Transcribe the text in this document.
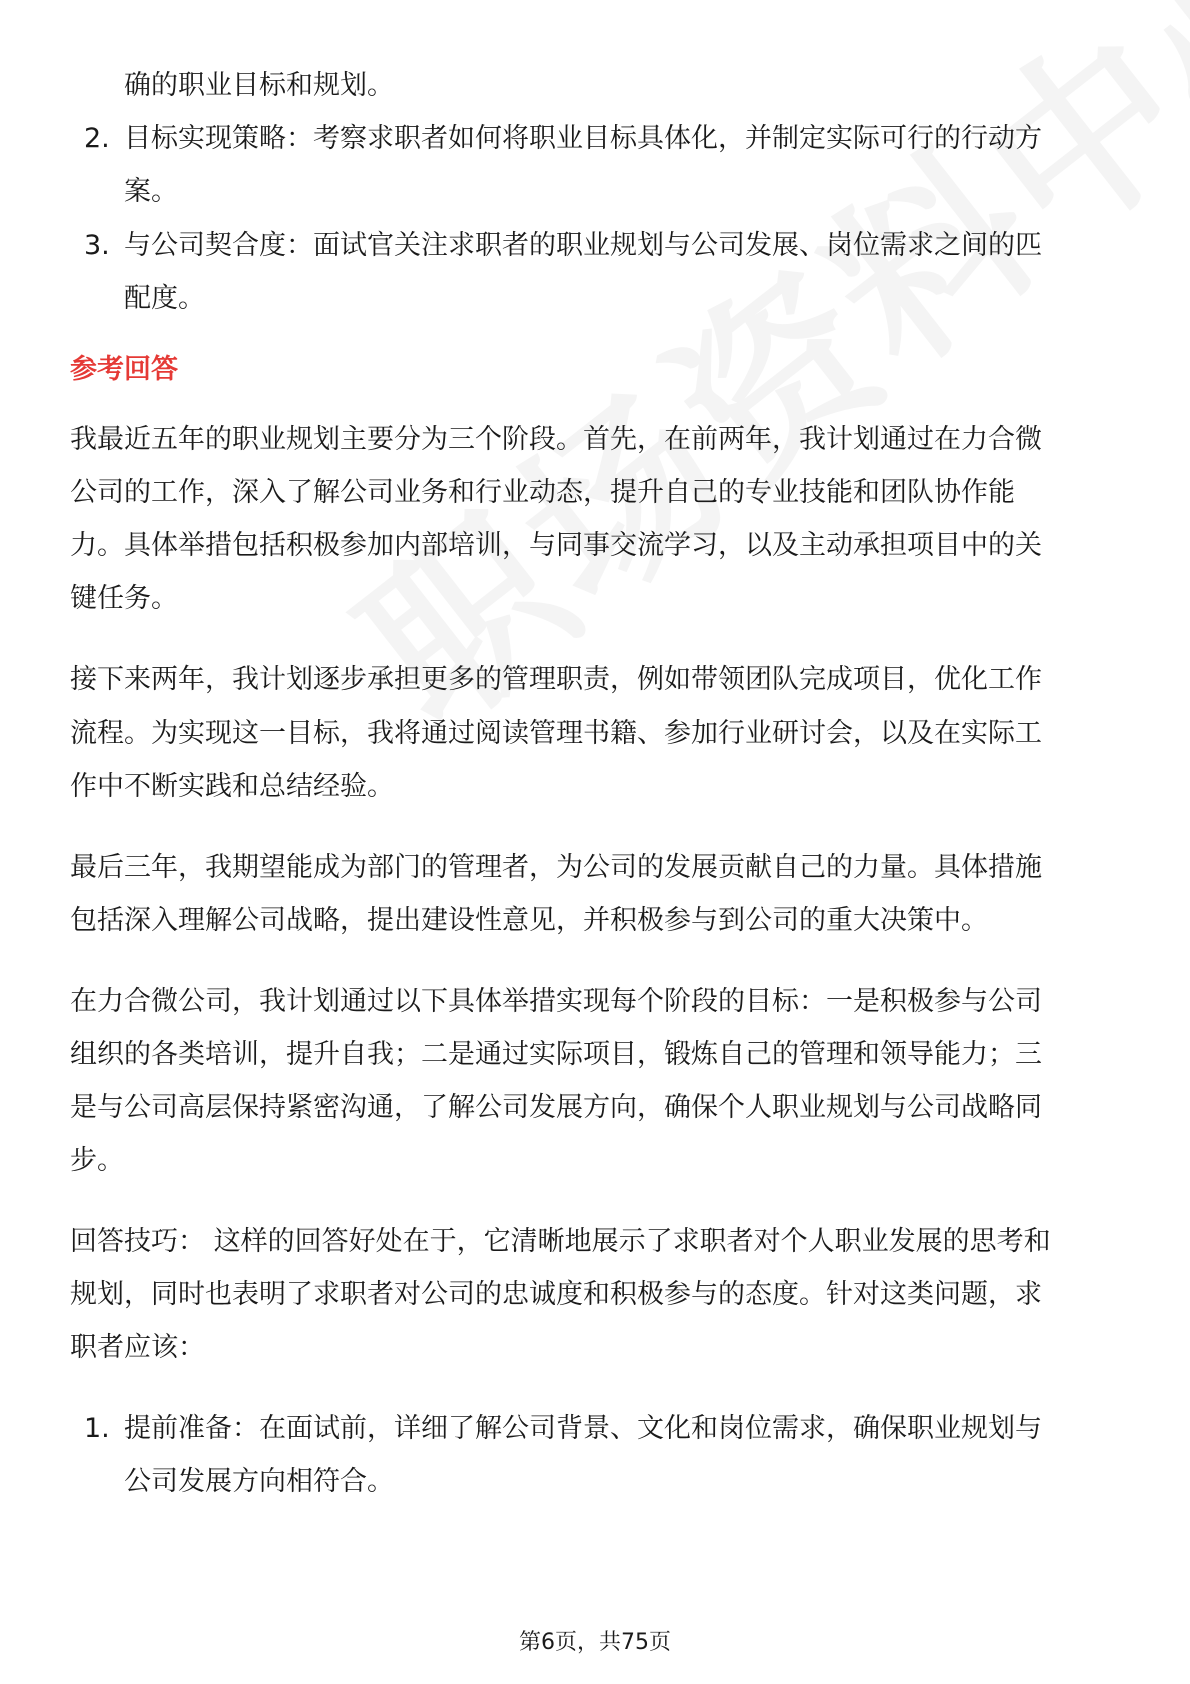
确的职业目标和规划。
2. 目标实现策略：考察求职者如何将职业目标具体化，并制定实际可行的行动方
案。
3. 与公司契合度：面试官关注求职者的职业规划与公司发展、岗位需求之间的匹
配度。
参考回答
我最近五年的职业规划主要分为三个阶段。首先，在前两年，我计划通过在力合微
公司的工作，深入了解公司业务和行业动态，提升自己的专业技能和团队协作能
力。具体举措包括积极参加内部培训，与同事交流学习，以及主动承担项目中的关
键任务。
接下来两年，我计划逐步承担更多的管理职责，例如带领团队完成项目，优化工作
流程。为实现这一目标，我将通过阅读管理书籍、参加行业研讨会，以及在实际工
作中不断实践和总结经验。
最后三年，我期望能成为部门的管理者，为公司的发展贡献自己的力量。具体措施
包括深入理解公司战略，提出建设性意见，并积极参与到公司的重大决策中。
在力合微公司，我计划通过以下具体举措实现每个阶段的目标：一是积极参与公司
组织的各类培训，提升自我；二是通过实际项目，锻炼自己的管理和领导能力；三
是与公司高层保持紧密沟通，了解公司发展方向，确保个人职业规划与公司战略同
步。
回答技巧： 这样的回答好处在于，它清晰地展示了求职者对个人职业发展的思考和
规划，同时也表明了求职者对公司的忠诚度和积极参与的态度。针对这类问题，求
职者应该：
1. 提前准备：在面试前，详细了解公司背景、文化和岗位需求，确保职业规划与
公司发展方向相符合。
第6页，共75页
